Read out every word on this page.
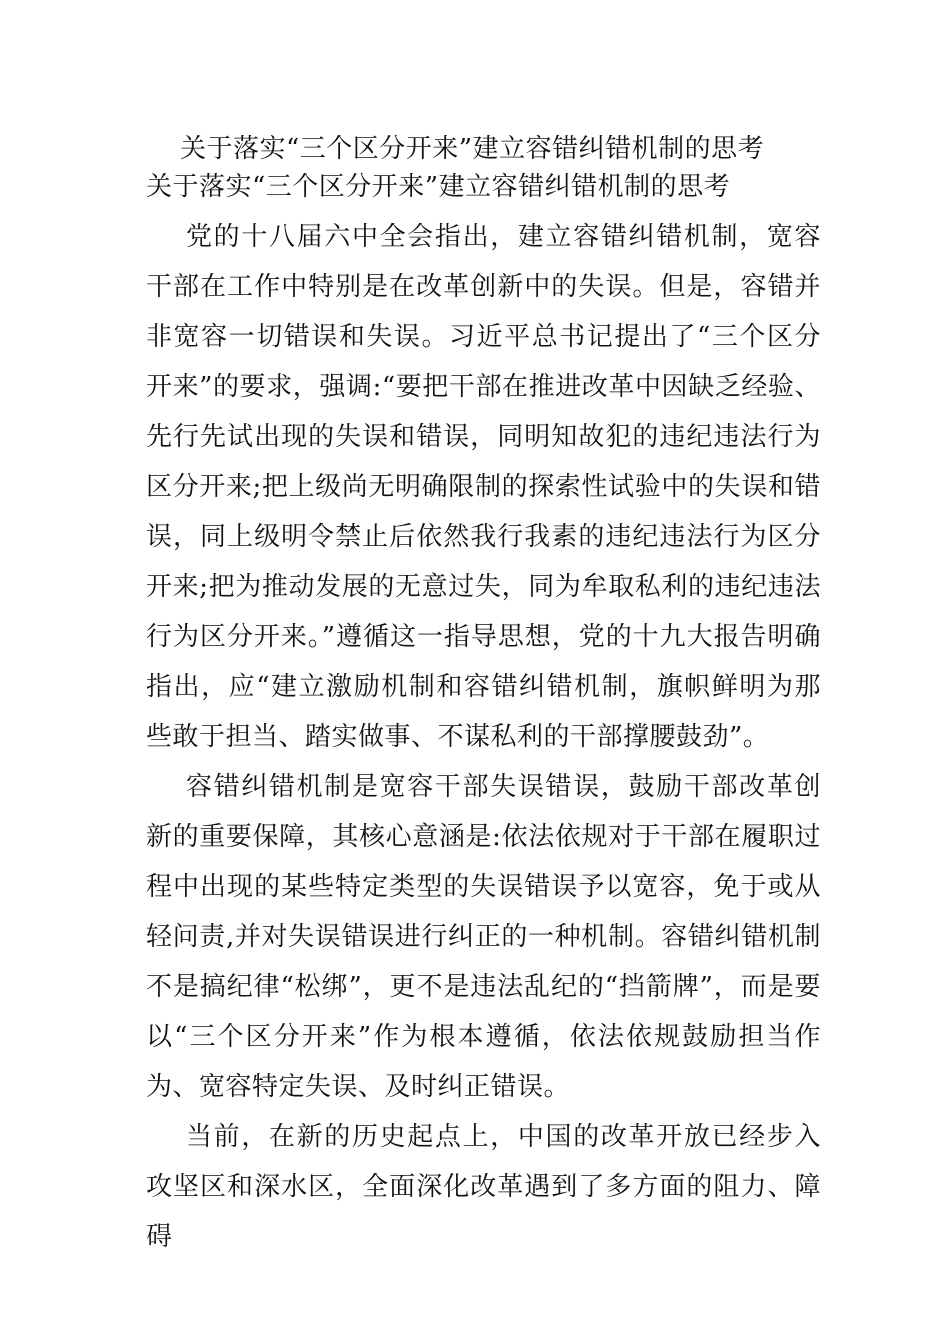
关于落实“三个区分开来”建立容错纠错机制的思考
关于落实“三个区分开来”建立容错纠错机制的思考

党的十八届六中全会指出，建立容错纠错机制，宽容干部在工作中特别是在改革创新中的失误。但是，容错并非宽容一切错误和失误。习近平总书记提出了“三个区分开来”的要求，强调:“要把干部在推进改革中因缺乏经验、先行先试出现的失误和错误，同明知故犯的违纪违法行为区分开来;把上级尚无明确限制的探索性试验中的失误和错误，同上级明令禁止后依然我行我素的违纪违法行为区分开来;把为推动发展的无意过失，同为牟取私利的违纪违法行为区分开来。”遵循这一指导思想，党的十九大报告明确指出，应“建立激励机制和容错纠错机制，旗帜鲜明为那些敢于担当、踏实做事、不谋私利的干部撑腰鼓劲”。

容错纠错机制是宽容干部失误错误，鼓励干部改革创新的重要保障，其核心意涵是:依法依规对于干部在履职过程中出现的某些特定类型的失误错误予以宽容，免于或从轻问责,并对失误错误进行纠正的一种机制。容错纠错机制不是搞纪律“松绑”，更不是违法乱纪的“挡箭牌”，而是要以“三个区分开来”作为根本遵循，依法依规鼓励担当作为、宽容特定失误、及时纠正错误。

当前，在新的历史起点上，中国的改革开放已经步入攻坚区和深水区，全面深化改革遇到了多方面的阻力、障碍
